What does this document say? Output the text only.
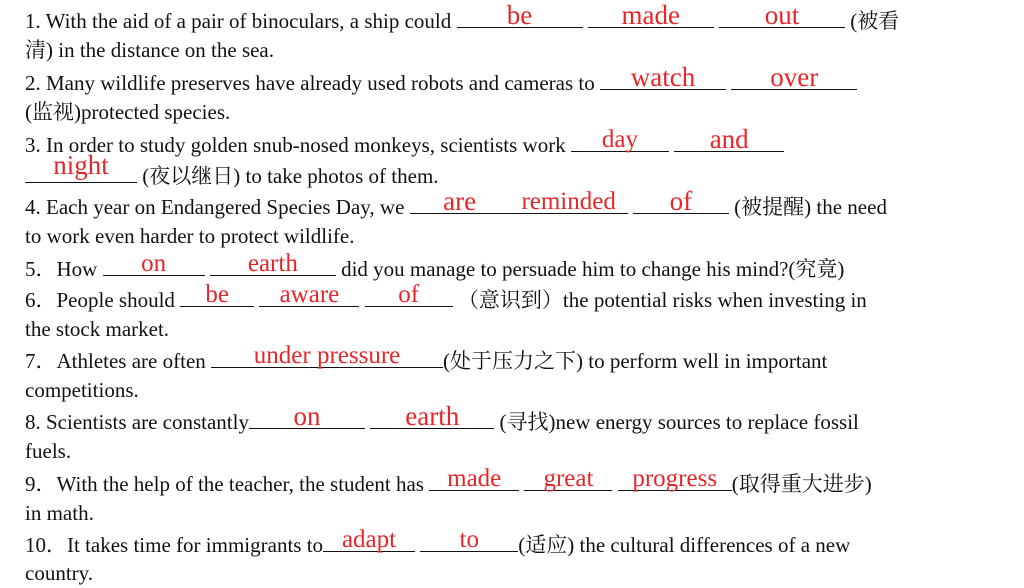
1. With the aid of a pair of binoculars, a ship could	be
	made
	out	(被看
清) in the distance on the sea.
2. Many wildlife preserves have already used robots and cameras to	watch
	over
(监视)protected species.
3. In order to study golden snub-nosed monkeys, scientists work	day
	and
night	(夜以继日) to take photos of them.
4. Each year on Endangered Species Day, we	are	reminded
	of	(被提醒) the need
to work even harder to protect wildlife.
5．How	on
	earth	did you manage to persuade him to change his mind?(究竟)
6．People should	be
	aware
	of	（意识到）the potential risks when investing in
the stock market.
7．Athletes are often	under pressure	(处于压力之下) to perform well in important
competitions.
8. Scientists are constantly	on
	earth	(寻找)new energy sources to replace fossil
fuels.
9．With the help of the teacher, the student has made
	great
	progress (取得重大进步)
in math.
10．It takes time for immigrants to adapt
	to	(适应) the cultural differences of a new
country.
